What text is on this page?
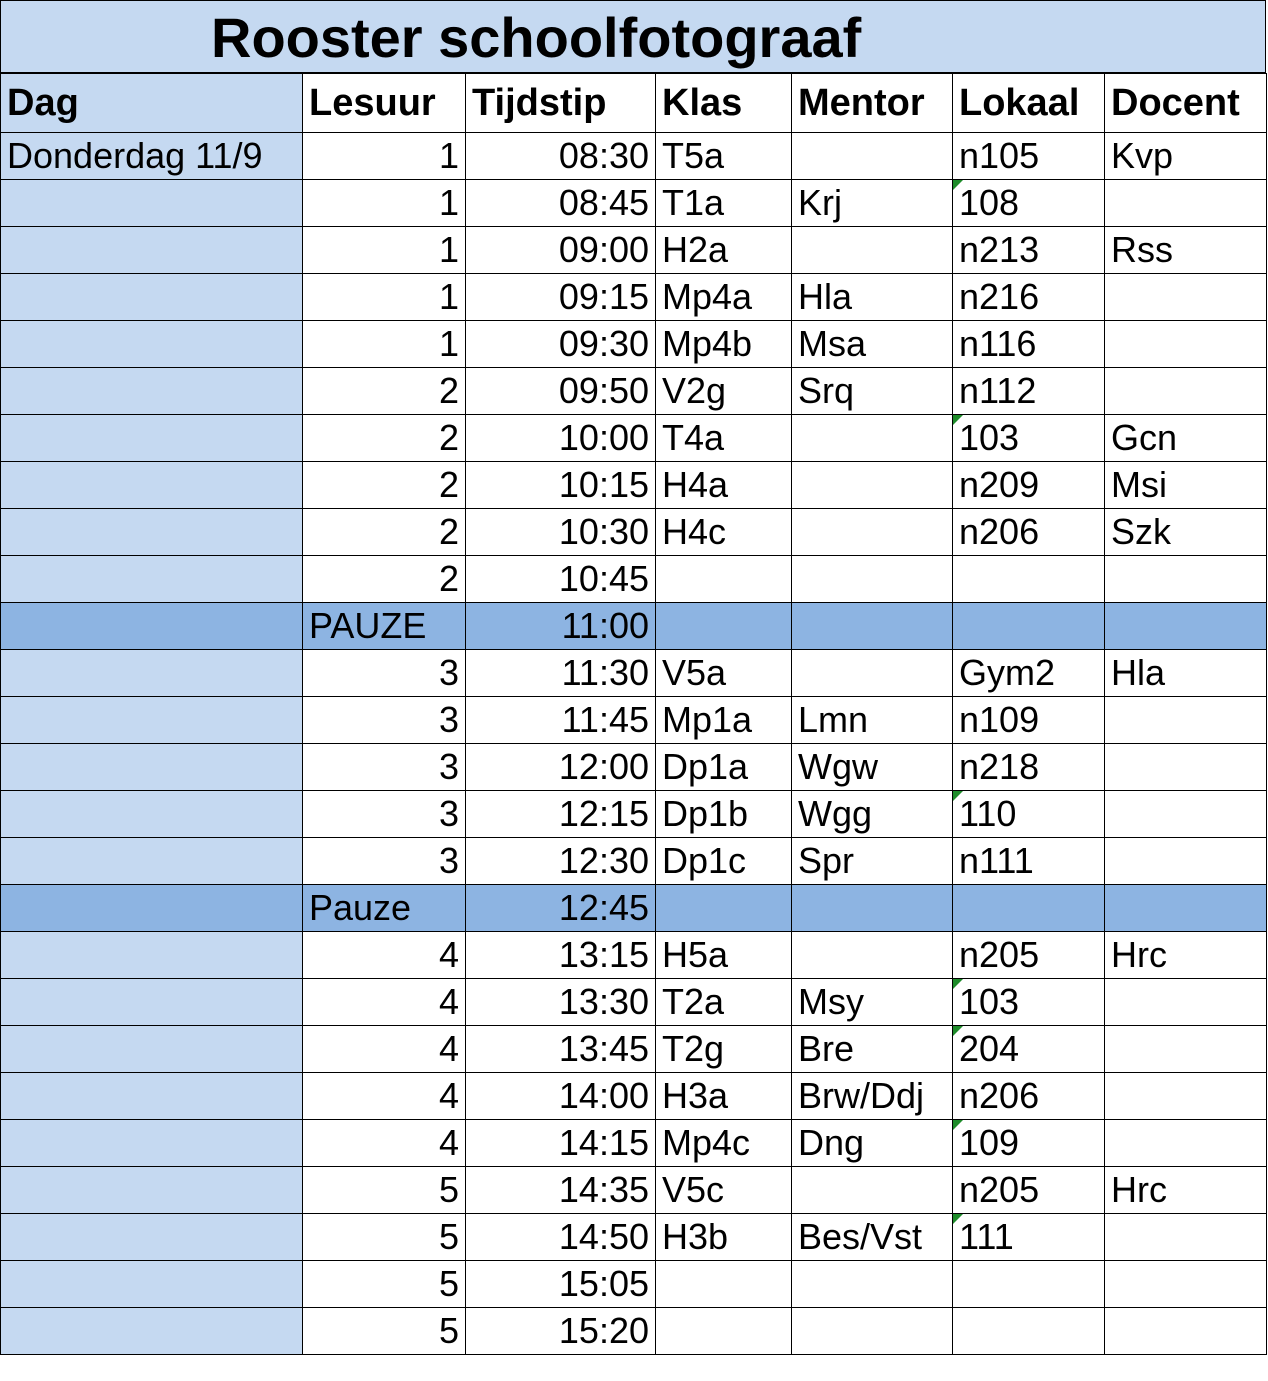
Rooster schoolfotograaf
Dag	Lesuur	Tijdstip	Klas	Mentor	Lokaal	Docent
Donderdag 11/9	1	08:30	T5a		n105	Kvp
	1	08:45	T1a	Krj	108	
	1	09:00	H2a		n213	Rss
	1	09:15	Mp4a	Hla	n216	
	1	09:30	Mp4b	Msa	n116	
	2	09:50	V2g	Srq	n112	
	2	10:00	T4a		103	Gcn
	2	10:15	H4a		n209	Msi
	2	10:30	H4c		n206	Szk
	2	10:45				
	PAUZE	11:00				
	3	11:30	V5a		Gym2	Hla
	3	11:45	Mp1a	Lmn	n109	
	3	12:00	Dp1a	Wgw	n218	
	3	12:15	Dp1b	Wgg	110	
	3	12:30	Dp1c	Spr	n111	
	Pauze	12:45				
	4	13:15	H5a		n205	Hrc
	4	13:30	T2a	Msy	103	
	4	13:45	T2g	Bre	204	
	4	14:00	H3a	Brw/Ddj	n206	
	4	14:15	Mp4c	Dng	109	
	5	14:35	V5c		n205	Hrc
	5	14:50	H3b	Bes/Vst	111	
	5	15:05				
	5	15:20				
